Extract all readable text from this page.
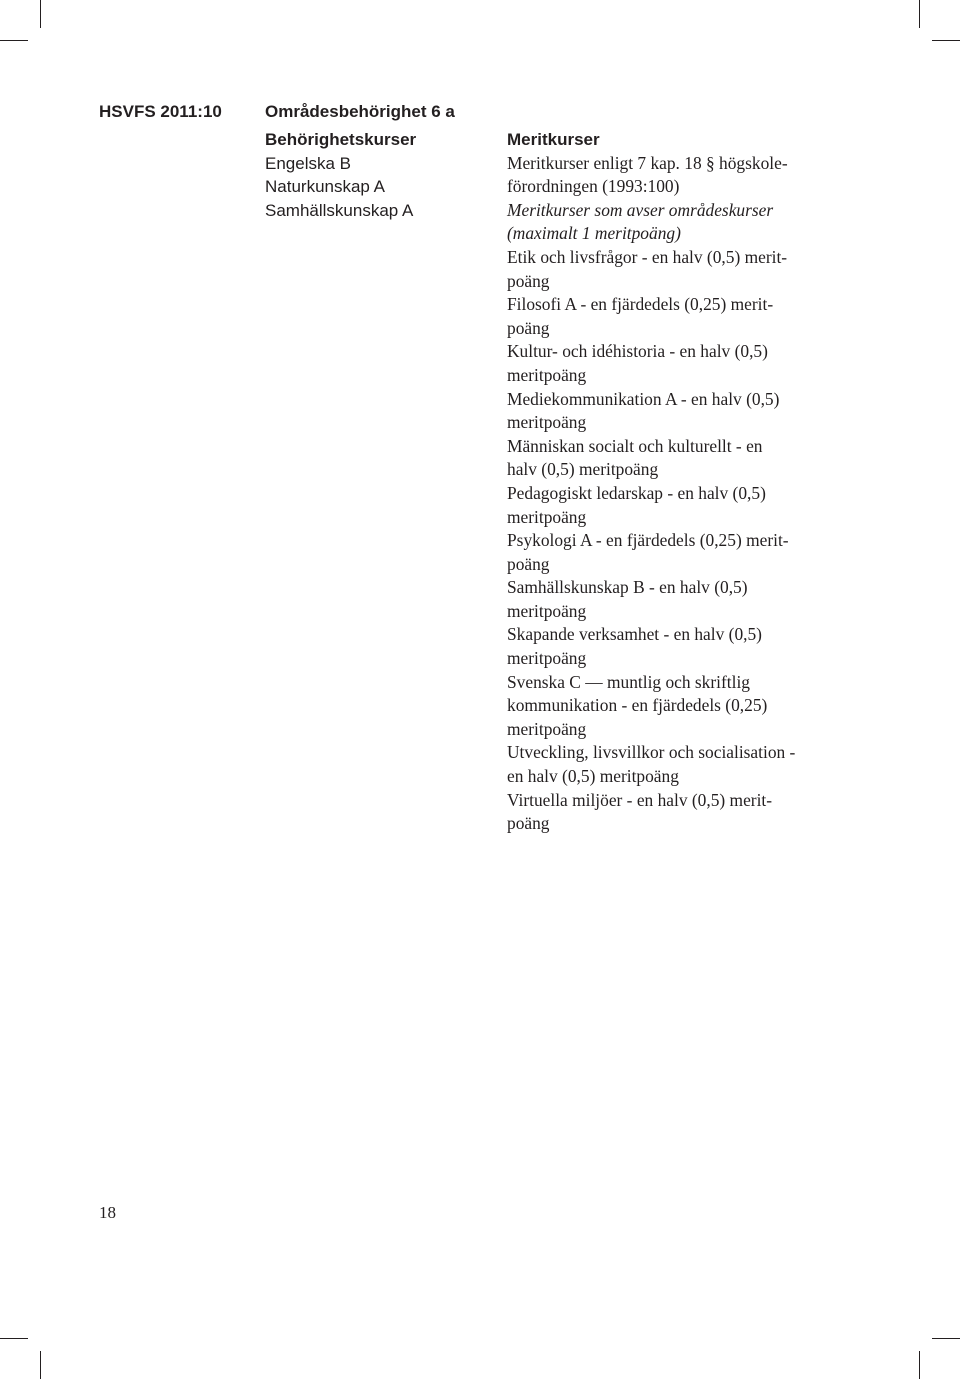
HSVFS 2011:10	Områdesbehörighet 6 a
Behörighetskurser
Engelska B
Naturkunskap A
Samhällskunskap A
Meritkurser
Meritkurser enligt 7 kap. 18 § högskole-
förordningen (1993:100)
Meritkurser som avser områdeskurser
(maximalt 1 meritpoäng)
Etik och livsfrågor - en halv (0,5) merit-
poäng
Filosofi A - en fjärdedels (0,25) merit-
poäng
Kultur- och idéhistoria - en halv (0,5)
meritpoäng
Mediekommunikation A - en halv (0,5)
meritpoäng
Människan socialt och kulturellt - en
halv (0,5) meritpoäng
Pedagogiskt ledarskap - en halv (0,5)
meritpoäng
Psykologi A - en fjärdedels (0,25) merit-
poäng
Samhällskunskap B - en halv (0,5)
meritpoäng
Skapande verksamhet - en halv (0,5)
meritpoäng
Svenska C — muntlig och skriftlig
kommunikation - en fjärdedels (0,25)
meritpoäng
Utveckling, livsvillkor och socialisation -
en halv (0,5) meritpoäng
Virtuella miljöer - en halv (0,5) merit-
poäng
18
